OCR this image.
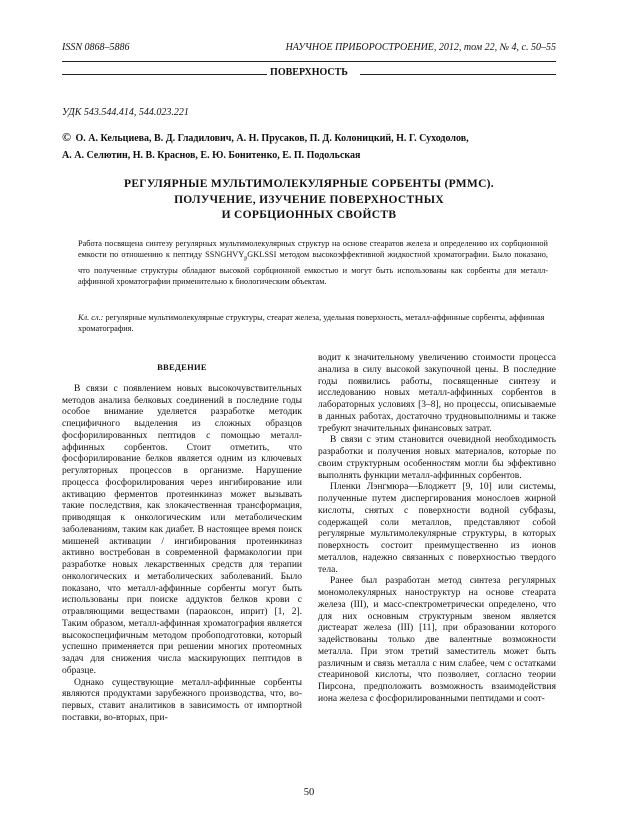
ISSN 0868–5886	НАУЧНОЕ ПРИБОРОСТРОЕНИЕ, 2012, том 22, № 4, с. 50–55
ПОВЕРХНОСТЬ
УДК 543.544.414, 544.023.221
© О. А. Кельциева, В. Д. Гладилович, А. Н. Прусаков, П. Д. Колоницкий, Н. Г. Суходолов,
А. А. Селютин, Н. В. Краснов, Е. Ю. Бонитенко, Е. П. Подольская
РЕГУЛЯРНЫЕ МУЛЬТИМОЛЕКУЛЯРНЫЕ СОРБЕНТЫ (РММС).
ПОЛУЧЕНИЕ, ИЗУЧЕНИЕ ПОВЕРХНОСТНЫХ
И СОРБЦИОННЫХ СВОЙСТВ
Работа посвящена синтезу регулярных мультимолекулярных структур на основе стеаратов железа и определению их сорбционной емкости по отношению к пептиду $SSNGHVY_pGKLSSI$ методом высокоэффективной жидкостной хроматографии. Было показано, что полученные структуры обладают высокой сорбционной емкостью и могут быть использованы как сорбенты для металл-аффинной хроматографии применительно к биологическим объектам.
Кл. сл.: регулярные мультимолекулярные структуры, стеарат железа, удельная поверхность, металл-аффинные сорбенты, аффинная хроматография.
ВВЕДЕНИЕ

В связи с появлением новых высокочувствительных методов анализа белковых соединений в последние годы особое внимание уделяется разработке методик специфичного выделения из сложных образцов фосфорилированных пептидов с помощью металл-аффинных сорбентов. Стоит отметить, что фосфорилирование белков является одним из ключевых регуляторных процессов в организме. Нарушение процесса фосфорилирования через ингибирование или активацию ферментов протеинкиназ может вызывать такие последствия, как злокачественная трансформация, приводящая к онкологическим или метаболическим заболеваниям, таким как диабет. В настоящее время поиск мишеней активации / ингибирования протеинкиназ активно востребован в современной фармакологии при разработке новых лекарственных средств для терапии онкологических и метаболических заболеваний. Было показано, что металл-аффинные сорбенты могут быть использованы при поиске аддуктов белков крови с отравляющими веществами (параоксон, иприт) [1, 2]. Таким образом, металл-аффинная хроматография является высокоспецифичным методом пробоподготовки, который успешно применяется при решении многих протеомных задач для снижения числа маскирующих пептидов в образце.

Однако существующие металл-аффинные сорбенты являются продуктами зарубежного производства, что, во-первых, ставит аналитиков в зависимость от импортной поставки, во-вторых, при-

водит к значительному увеличению стоимости процесса анализа в силу высокой закупочной цены. В последние годы появились работы, посвященные синтезу и исследованию новых металл-аффинных сорбентов в лабораторных условиях [3–8], но процессы, описываемые в данных работах, достаточно трудновыполнимы и также требуют значительных финансовых затрат.

В связи с этим становится очевидной необходимость разработки и получения новых материалов, которые по своим структурным особенностям могли бы эффективно выполнять функции металл-аффинных сорбентов.

Пленки Лэнгмюра—Блоджетт [9, 10] или системы, полученные путем диспергирования монослоев жирной кислоты, снятых с поверхности водной субфазы, содержащей соли металлов, представляют собой регулярные мультимолекулярные структуры, в которых поверхность состоит преимущественно из ионов металлов, надежно связанных с поверхностью твердого тела.

Ранее был разработан метод синтеза регулярных мономолекулярных наноструктур на основе стеарата железа (III), и масс-спектрометрически определено, что для них основным структурным звеном является дистеарат железа (III) [11], при образовании которого задействованы только две валентные возможности металла. При этом третий заместитель может быть различным и связь металла с ним слабее, чем с остатками стеариновой кислоты, что позволяет, согласно теории Пирсона, предположить возможность взаимодействия иона железа с фосфорилированными пептидами и соот-

50
